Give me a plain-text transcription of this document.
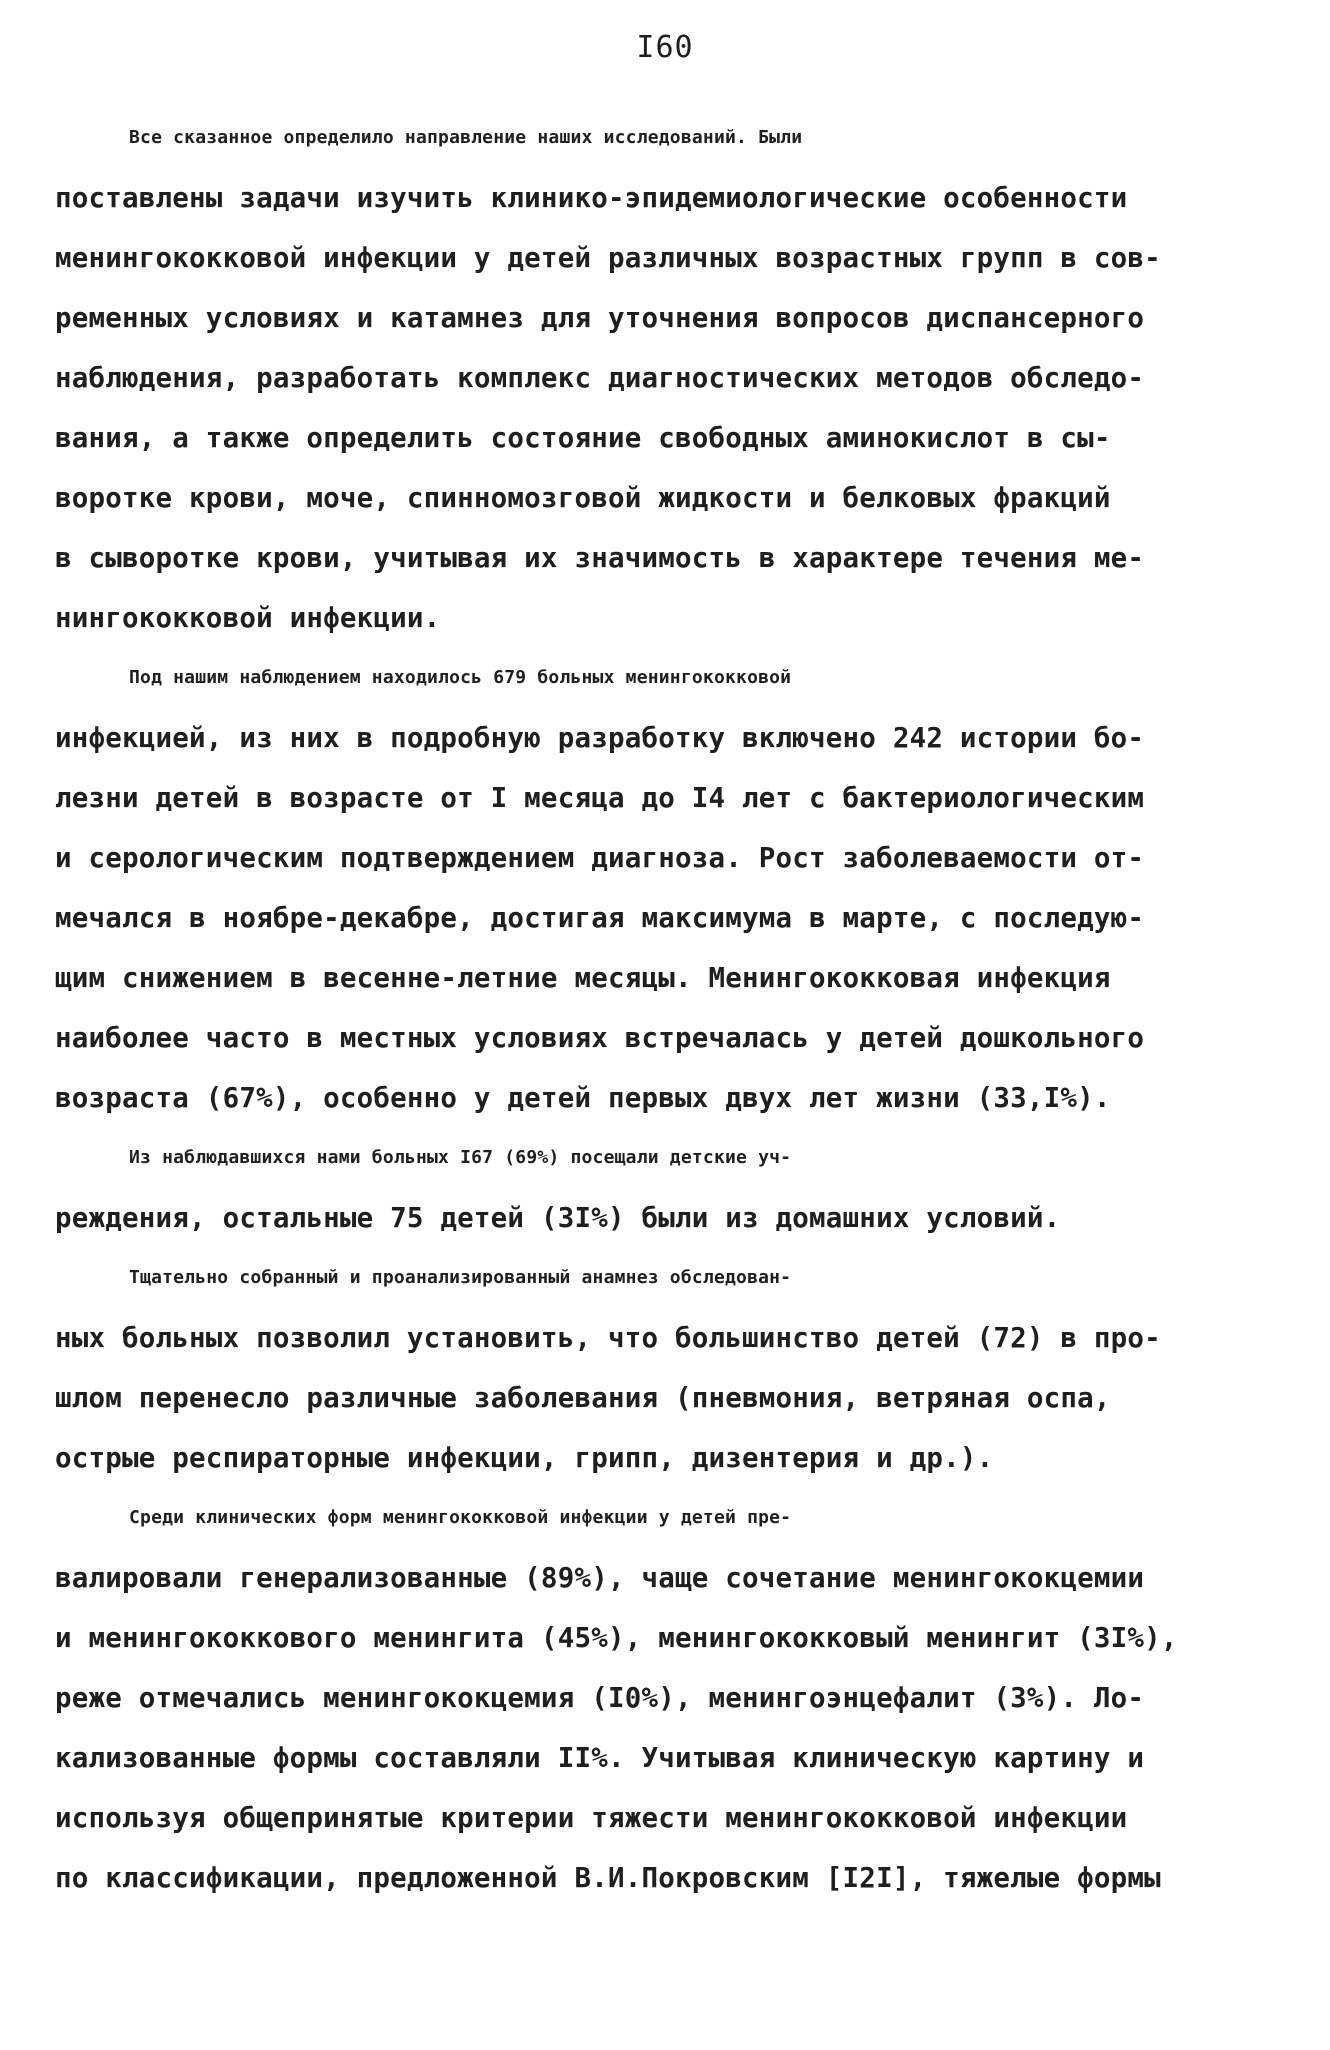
I60
Все сказанное определило направление наших исследований. Были
поставлены задачи изучить клинико-эпидемиологические особенности
менингококковой инфекции у детей различных возрастных групп в сов-
ременных условиях и катамнез для уточнения вопросов диспансерного
наблюдения, разработать комплекс диагностических методов обследо-
вания, а также определить состояние свободных аминокислот в сы-
воротке крови, моче, спинномозговой жидкости и белковых фракций
в сыворотке крови, учитывая их значимость в характере течения ме-
нингококковой инфекции.
Под нашим наблюдением находилось 679 больных менингококковой
инфекцией, из них в подробную разработку включено 242 истории бо-
лезни детей в возрасте от I месяца до I4 лет с бактериологическим
и серологическим подтверждением диагноза. Рост заболеваемости от-
мечался в ноябре-декабре, достигая максимума в марте, с последую-
щим снижением в весенне-летние месяцы. Менингококковая инфекция
наиболее часто в местных условиях встречалась у детей дошкольного
возраста (67%), особенно у детей первых двух лет жизни (33,I%).
Из наблюдавшихся нами больных I67 (69%) посещали детские уч-
реждения, остальные 75 детей (3I%) были из домашних условий.
Тщательно собранный и проанализированный анамнез обследован-
ных больных позволил установить, что большинство детей (72) в про-
шлом перенесло различные заболевания (пневмония, ветряная оспа,
острые респираторные инфекции, грипп, дизентерия и др.).
Среди клинических форм менингококковой инфекции у детей пре-
валировали генерализованные (89%), чаще сочетание менингококцемии
и менингококкового менингита (45%), менингококковый менингит (3I%),
реже отмечались менингококцемия (I0%), менингоэнцефалит (3%). Ло-
кализованные формы составляли II%. Учитывая клиническую картину и
используя общепринятые критерии тяжести менингококковой инфекции
по классификации, предложенной В.И.Покровским [I2I], тяжелые формы
